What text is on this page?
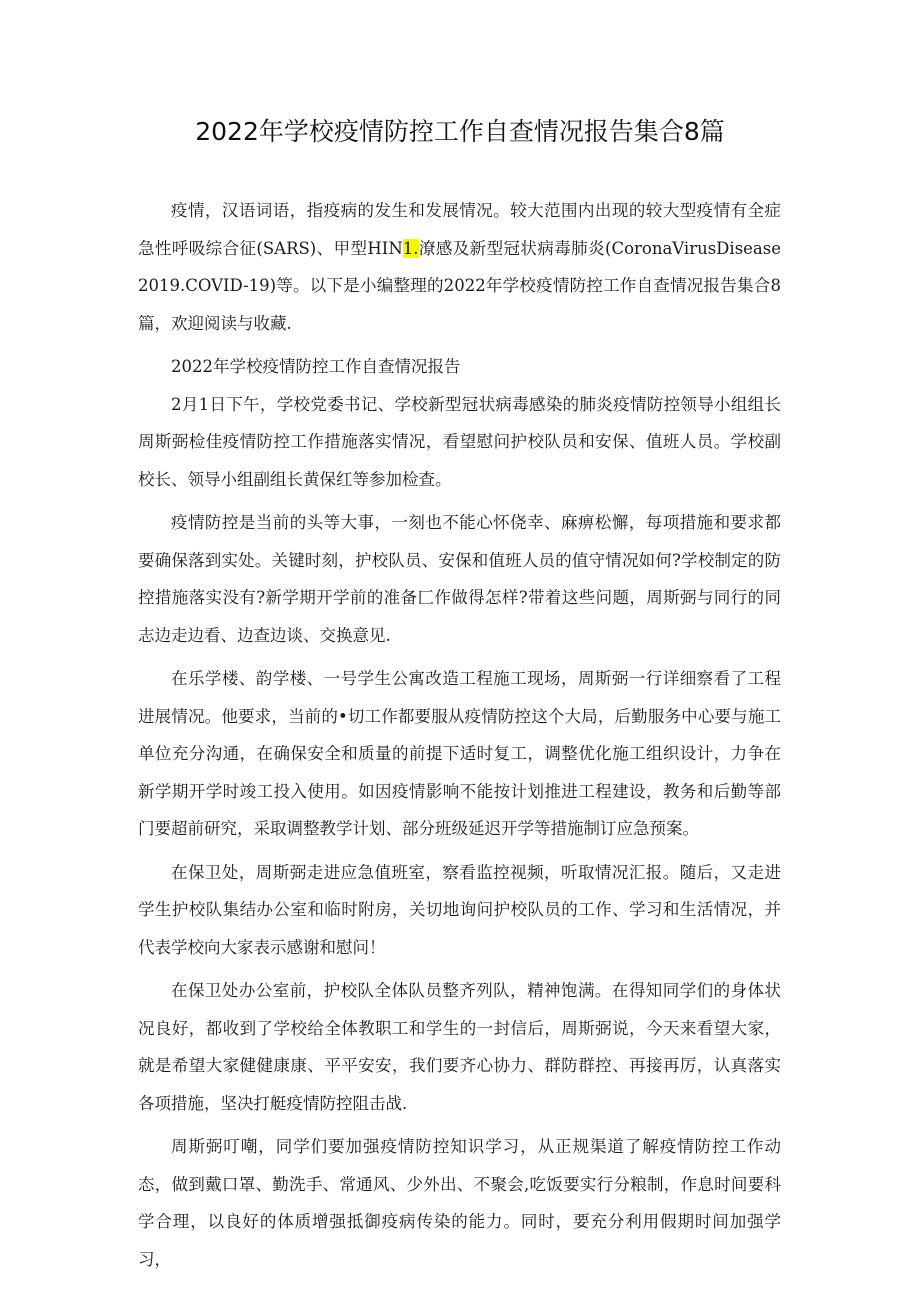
2022年学校疫情防控工作自查情况报告集合8篇

疫情，汉语词语，指疫病的发生和发展情况。较大范围内出现的较大型疫情有全症急性呼吸综合征(SARS)、甲型HIN1.潦感及新型冠状病毒肺炎(CoronaVirusDisease2019.COVID-19)等。以下是小编整理的2022年学校疫情防控工作自查情况报告集合8篇，欢迎阅读与收藏.

2022年学校疫情防控工作自查情况报告

2月1日下午，学校党委书记、学校新型冠状病毒感染的肺炎疫情防控领导小组组长周斯弼检佳疫情防控工作措施落实情况，看望慰问护校队员和安保、值班人员。学校副校长、领导小组副组长黄保红等参加检查。

疫情防控是当前的头等大事，一刻也不能心怀侥幸、麻痹松懈，每项措施和要求都要确保落到实处。关键时刻，护校队员、安保和值班人员的值守情况如何?学校制定的防控措施落实没有?新学期开学前的准备匚作做得怎样?带着这些问题，周斯弼与同行的同志边走边看、边查边谈、交换意见.

在乐学楼、韵学楼、一号学生公寓改造工程施工现场，周斯弼一行详细察看了工程进展情况。他要求，当前的•切工作都要服从疫情防控这个大局，后勤服务中心要与施工单位充分沟通，在确保安全和质量的前提下适时复工，调整优化施工组织设计，力争在新学期开学时竣工投入使用。如因疫情影响不能按计划推进工程建设，教务和后勤等部门要超前研究，采取调整教学计划、部分班级延迟开学等措施制订应急预案。

在保卫处，周斯弼走进应急值班室，察看监控视频，听取情况汇报。随后，又走进学生护校队集结办公室和临时附房，关切地询问护校队员的工作、学习和生活情况，并代表学校向大家表示感谢和慰问！

在保卫处办公室前，护校队全体队员整齐列队，精神饱满。在得知同学们的身体状况良好，都收到了学校给全体教职工和学生的一封信后，周斯弼说，今天来看望大家，就是希望大家健健康康、平平安安，我们要齐心协力、群防群控、再接再厉，认真落实各项措施，坚决打艇疫情防控阻击战.

周斯弼叮嘲，同学们要加强疫情防控知识学习，从正规渠道了解疫情防控工作动态，做到戴口罩、勤洗手、常通风、少外出、不聚会,吃饭要实行分粮制，作息时间要科学合理，以良好的体质增强抵御疫病传染的能力。同时，要充分利用假期时间加强学习，
